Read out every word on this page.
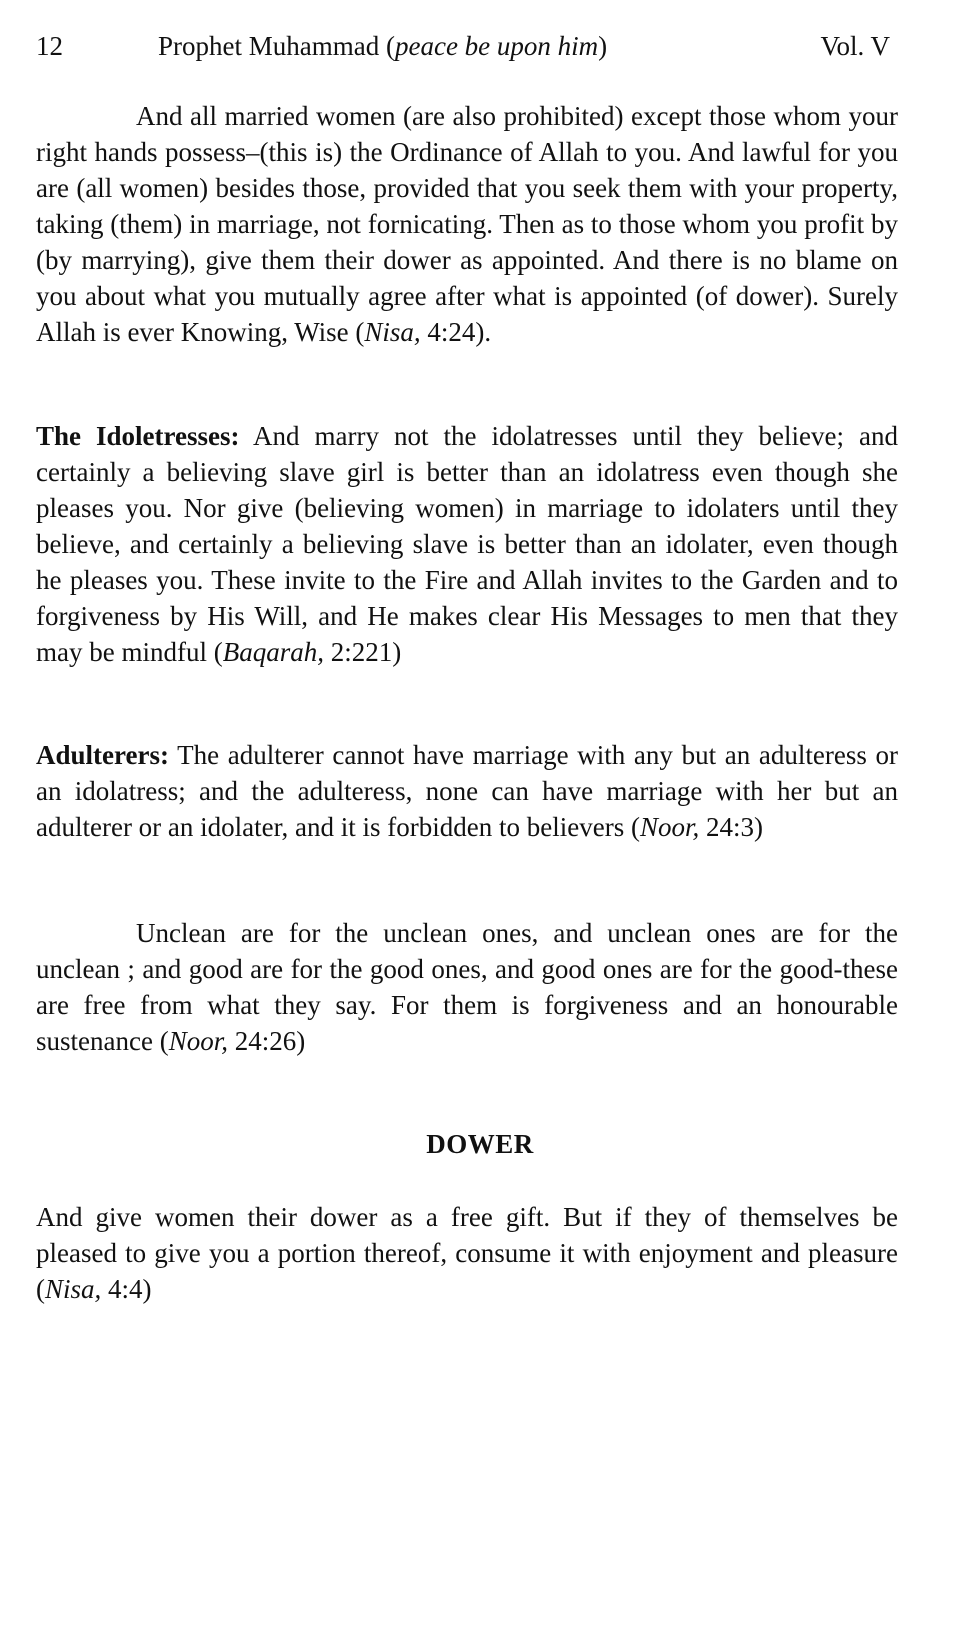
12	Prophet Muhammad (peace be upon him)	Vol. V

And all married women (are also prohibited) except those whom your right hands possess–(this is) the Ordinance of Allah to you. And lawful for you are (all women) besides those, provided that you seek them with your property, taking (them) in marriage, not fornicating. Then as to those whom you profit by (by marrying), give them their dower as appointed. And there is no blame on you about what you mutually agree after what is appointed (of dower). Surely Allah is ever Knowing, Wise (Nisa, 4:24).

The Idoletresses: And marry not the idolatresses until they believe; and certainly a believing slave girl is better than an idolatress even though she pleases you. Nor give (believing women) in marriage to idolaters until they believe, and certainly a believing slave is better than an idolater, even though he pleases you. These invite to the Fire and Allah invites to the Garden and to forgiveness by His Will, and He makes clear His Messages to men that they may be mindful (Baqarah, 2:221)

Adulterers: The adulterer cannot have marriage with any but an adulteress or an idolatress; and the adulteress, none can have marriage with her but an adulterer or an idolater, and it is forbidden to believers (Noor, 24:3)

Unclean are for the unclean ones, and unclean ones are for the unclean ; and good are for the good ones, and good ones are for the good-these are free from what they say. For them is forgiveness and an honourable sustenance (Noor, 24:26)

DOWER

And give women their dower as a free gift. But if they of themselves be pleased to give you a portion thereof, consume it with enjoyment and pleasure (Nisa, 4:4)
